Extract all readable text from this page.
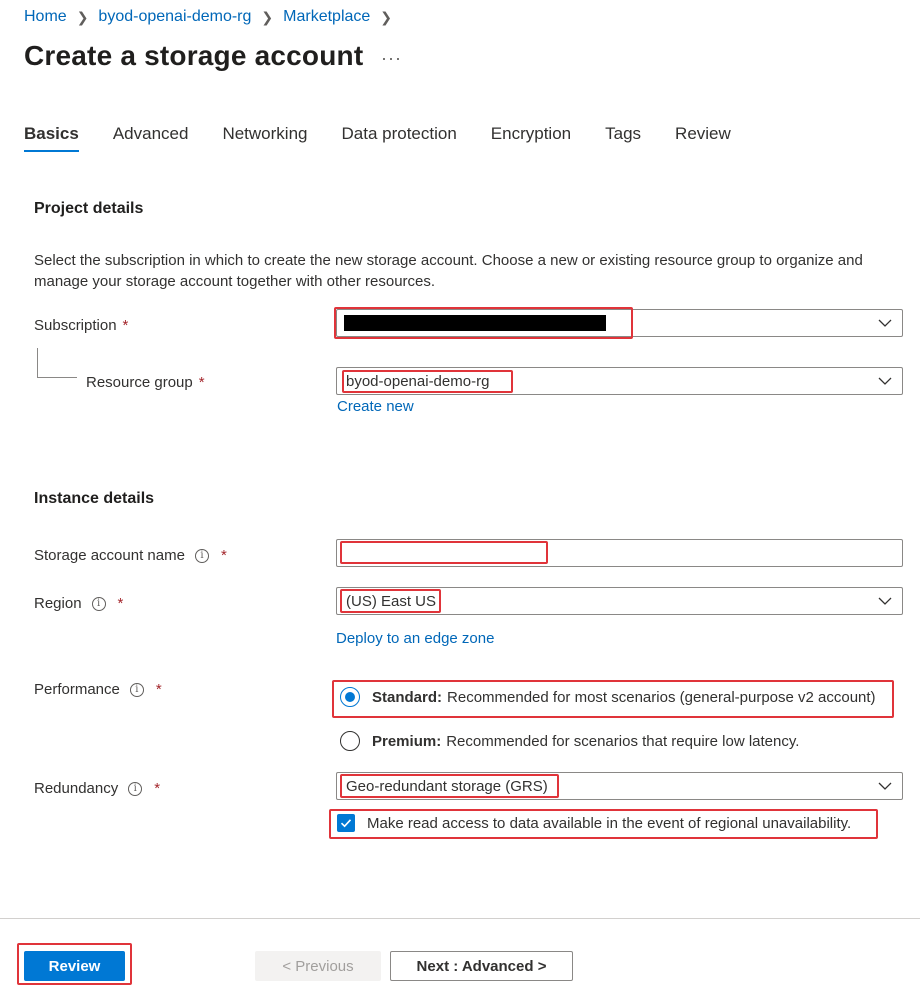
Home ❯ byod-openai-demo-rg ❯ Marketplace ❯
Create a storage account ···
Basics Advanced Networking Data protection Encryption Tags Review
Project details

Select the subscription in which to create the new storage account. Choose a new or existing resource group to organize and manage your storage account together with other resources.

Subscription *
Resource group *	byod-openai-demo-rg
Create new
Instance details
Storage account name	i	*
Region	i	*	(US) East US
Deploy to an edge zone
Performance	i	*	Standard: Recommended for most scenarios (general-purpose v2 account)
Premium: Recommended for scenarios that require low latency.
Redundancy	i	*	Geo-redundant storage (GRS)
Make read access to data available in the event of regional unavailability.
Review	< Previous	Next : Advanced >
